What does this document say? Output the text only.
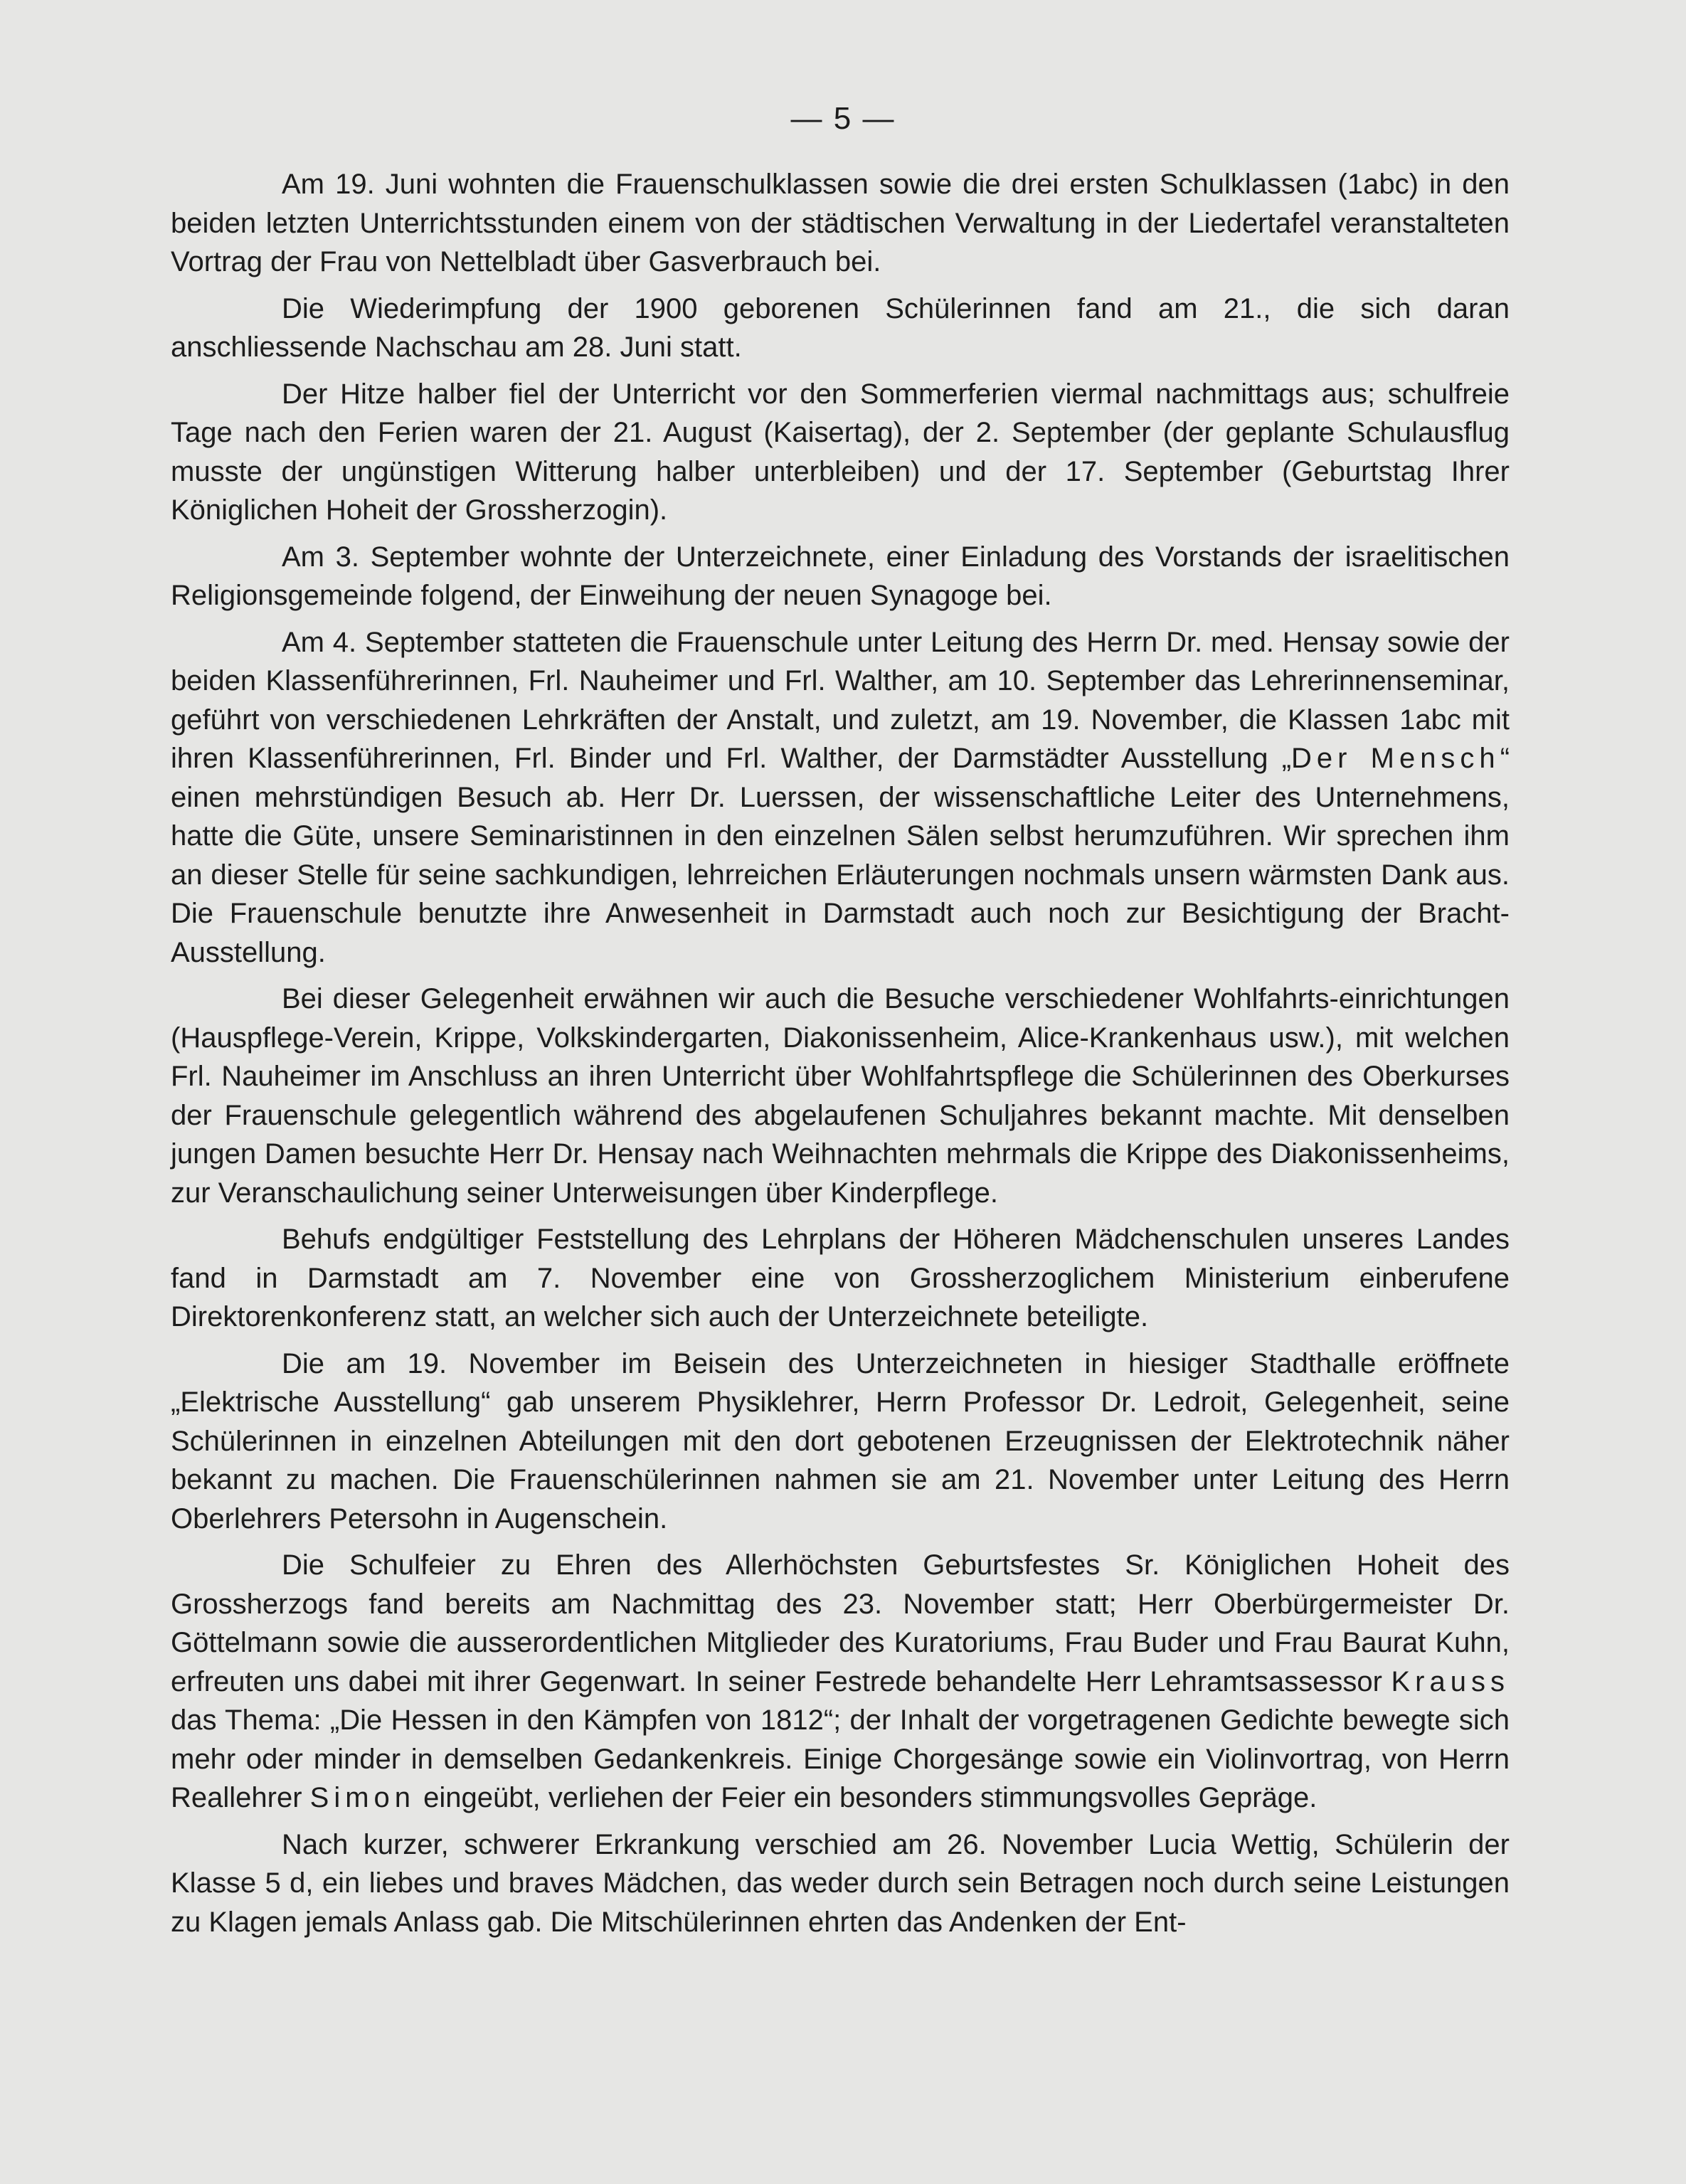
— 5 —

Am 19. Juni wohnten die Frauenschulklassen sowie die drei ersten Schulklassen (1abc) in den beiden letzten Unterrichtsstunden einem von der städtischen Verwaltung in der Liedertafel veranstalteten Vortrag der Frau von Nettelbladt über Gasverbrauch bei.

Die Wiederimpfung der 1900 geborenen Schülerinnen fand am 21., die sich daran anschliessende Nachschau am 28. Juni statt.

Der Hitze halber fiel der Unterricht vor den Sommerferien viermal nachmittags aus; schulfreie Tage nach den Ferien waren der 21. August (Kaisertag), der 2. September (der geplante Schulausflug musste der ungünstigen Witterung halber unterbleiben) und der 17. September (Geburtstag Ihrer Königlichen Hoheit der Grossherzogin).

Am 3. September wohnte der Unterzeichnete, einer Einladung des Vorstands der israelitischen Religionsgemeinde folgend, der Einweihung der neuen Synagoge bei.

Am 4. September statteten die Frauenschule unter Leitung des Herrn Dr. med. Hensay sowie der beiden Klassenführerinnen, Frl. Nauheimer und Frl. Walther, am 10. September das Lehrerinnenseminar, geführt von verschiedenen Lehrkräften der Anstalt, und zuletzt, am 19. November, die Klassen 1abc mit ihren Klassenführerinnen, Frl. Binder und Frl. Walther, der Darmstädter Ausstellung „Der Mensch“ einen mehrstündigen Besuch ab. Herr Dr. Luerssen, der wissenschaftliche Leiter des Unternehmens, hatte die Güte, unsere Seminaristinnen in den einzelnen Sälen selbst herumzuführen. Wir sprechen ihm an dieser Stelle für seine sachkundigen, lehrreichen Erläuterungen nochmals unsern wärmsten Dank aus. Die Frauenschule benutzte ihre Anwesenheit in Darmstadt auch noch zur Besichtigung der Bracht-Ausstellung.

Bei dieser Gelegenheit erwähnen wir auch die Besuche verschiedener Wohlfahrts-einrichtungen (Hauspflege-Verein, Krippe, Volkskindergarten, Diakonissenheim, Alice-Krankenhaus usw.), mit welchen Frl. Nauheimer im Anschluss an ihren Unterricht über Wohlfahrtspflege die Schülerinnen des Oberkurses der Frauenschule gelegentlich während des abgelaufenen Schuljahres bekannt machte. Mit denselben jungen Damen besuchte Herr Dr. Hensay nach Weihnachten mehrmals die Krippe des Diakonissenheims, zur Veranschaulichung seiner Unterweisungen über Kinderpflege.

Behufs endgültiger Feststellung des Lehrplans der Höheren Mädchenschulen unseres Landes fand in Darmstadt am 7. November eine von Grossherzoglichem Ministerium einberufene Direktorenkonferenz statt, an welcher sich auch der Unterzeichnete beteiligte.

Die am 19. November im Beisein des Unterzeichneten in hiesiger Stadthalle eröffnete „Elektrische Ausstellung“ gab unserem Physiklehrer, Herrn Professor Dr. Ledroit, Gelegenheit, seine Schülerinnen in einzelnen Abteilungen mit den dort gebotenen Erzeugnissen der Elektrotechnik näher bekannt zu machen. Die Frauenschülerinnen nahmen sie am 21. November unter Leitung des Herrn Oberlehrers Petersohn in Augenschein.

Die Schulfeier zu Ehren des Allerhöchsten Geburtsfestes Sr. Königlichen Hoheit des Grossherzogs fand bereits am Nachmittag des 23. November statt; Herr Oberbürgermeister Dr. Göttelmann sowie die ausserordentlichen Mitglieder des Kuratoriums, Frau Buder und Frau Baurat Kuhn, erfreuten uns dabei mit ihrer Gegenwart. In seiner Festrede behandelte Herr Lehramtsassessor Krauss das Thema: „Die Hessen in den Kämpfen von 1812“; der Inhalt der vorgetragenen Gedichte bewegte sich mehr oder minder in demselben Gedankenkreis. Einige Chorgesänge sowie ein Violinvortrag, von Herrn Reallehrer Simon eingeübt, verliehen der Feier ein besonders stimmungsvolles Gepräge.

Nach kurzer, schwerer Erkrankung verschied am 26. November Lucia Wettig, Schülerin der Klasse 5 d, ein liebes und braves Mädchen, das weder durch sein Betragen noch durch seine Leistungen zu Klagen jemals Anlass gab. Die Mitschülerinnen ehrten das Andenken der Ent-
